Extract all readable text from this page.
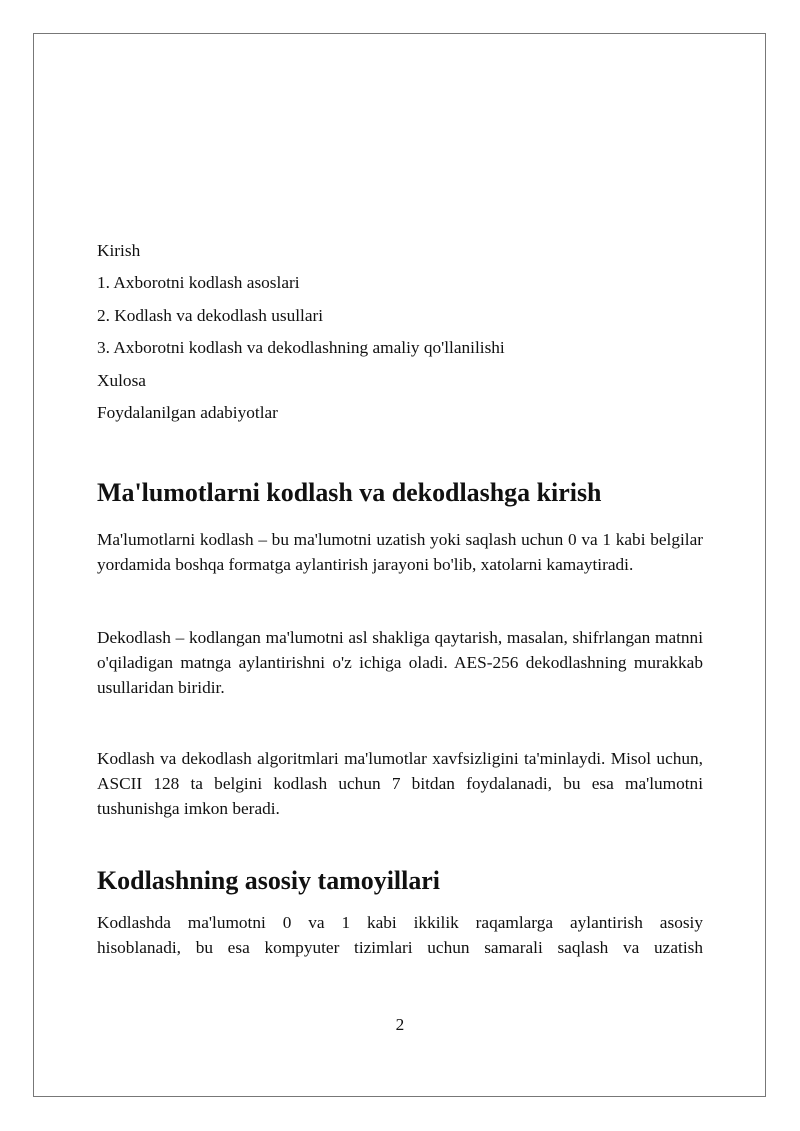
Kirish

1. Axborotni kodlash asoslari

2. Kodlash va dekodlash usullari

3. Axborotni kodlash va dekodlashning amaliy qo'llanilishi

Xulosa

Foydalanilgan adabiyotlar

Ma'lumotlarni kodlash va dekodlashga kirish

Ma'lumotlarni kodlash – bu ma'lumotni uzatish yoki saqlash uchun 0 va 1 kabi belgilar yordamida boshqa formatga aylantirish jarayoni bo'lib, xatolarni kamaytiradi.

Dekodlash – kodlangan ma'lumotni asl shakliga qaytarish, masalan, shifrlangan matnni o'qiladigan matnga aylantirishni o'z ichiga oladi. AES-256 dekodlashning murakkab usullaridan biridir.

Kodlash va dekodlash algoritmlari ma'lumotlar xavfsizligini ta'minlaydi. Misol uchun, ASCII 128 ta belgini kodlash uchun 7 bitdan foydalanadi, bu esa ma'lumotni tushunishga imkon beradi.

Kodlashning asosiy tamoyillari

Kodlashda ma'lumotni 0 va 1 kabi ikkilik raqamlarga aylantirish asosiy

hisoblanadi, bu esa kompyuter tizimlari uchun samarali saqlash va uzatish

2
